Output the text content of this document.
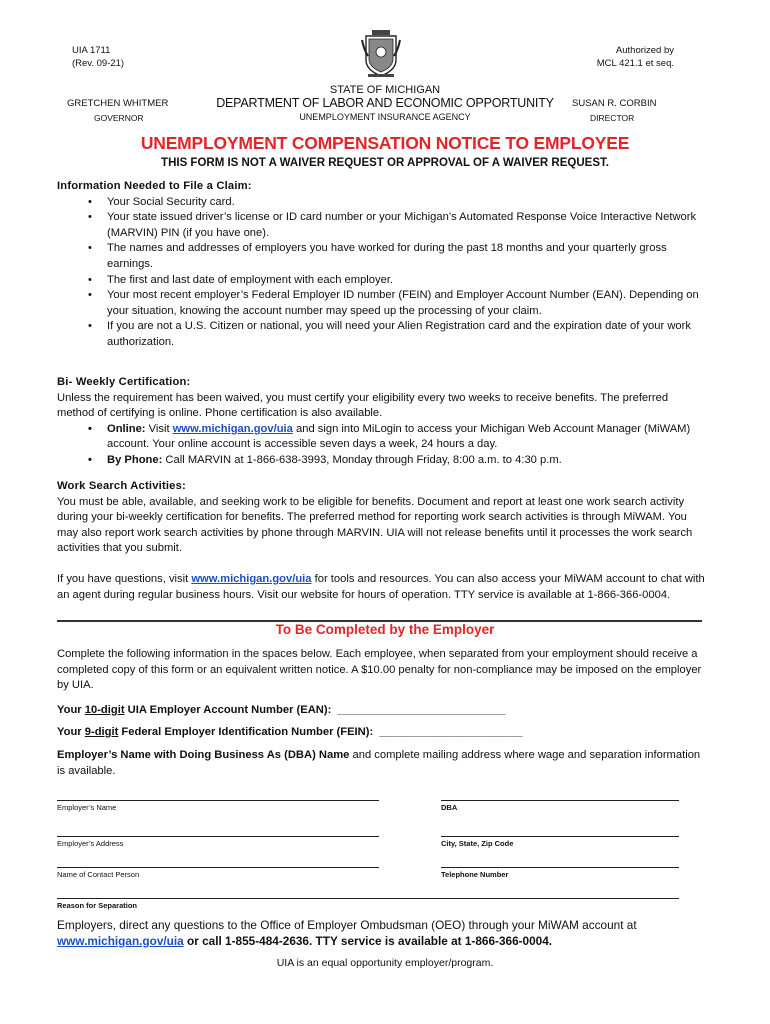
UIA 1711
(Rev. 09-21)
Authorized by
MCL 421.1 et seq.
STATE OF MICHIGAN
DEPARTMENT OF LABOR AND ECONOMIC OPPORTUNITY
UNEMPLOYMENT INSURANCE AGENCY
GRETCHEN WHITMER
GOVERNOR
SUSAN R. CORBIN
DIRECTOR
UNEMPLOYMENT COMPENSATION NOTICE TO EMPLOYEE
THIS FORM IS NOT A WAIVER REQUEST OR APPROVAL OF A WAIVER REQUEST.
Information Needed to File a Claim:
• Your Social Security card.
• Your state issued driver’s license or ID card number or your Michigan’s Automated Response Voice Interactive Network (MARVIN) PIN (if you have one).
• The names and addresses of employers you have worked for during the past 18 months and your quarterly gross earnings.
• The first and last date of employment with each employer.
• Your most recent employer’s Federal Employer ID number (FEIN) and Employer Account Number (EAN). Depending on your situation, knowing the account number may speed up the processing of your claim.
• If you are not a U.S. Citizen or national, you will need your Alien Registration card and the expiration date of your work authorization.
Bi- Weekly Certification:
Unless the requirement has been waived, you must certify your eligibility every two weeks to receive benefits. The preferred method of certifying is online. Phone certification is also available.
• Online: Visit www.michigan.gov/uia and sign into MiLogin to access your Michigan Web Account Manager (MiWAM) account. Your online account is accessible seven days a week, 24 hours a day.
• By Phone: Call MARVIN at 1-866-638-3993, Monday through Friday, 8:00 a.m. to 4:30 p.m.
Work Search Activities:
You must be able, available, and seeking work to be eligible for benefits. Document and report at least one work search activity during your bi-weekly certification for benefits. The preferred method for reporting work search activities is through MiWAM. You may also report work search activities by phone through MARVIN. UIA will not release benefits until it processes the work search activities that you submit.
If you have questions, visit www.michigan.gov/uia for tools and resources. You can also access your MiWAM account to chat with an agent during regular business hours. Visit our website for hours of operation. TTY service is available at 1-866-366-0004.
To Be Completed by the Employer
Complete the following information in the spaces below. Each employee, when separated from your employment should receive a completed copy of this form or an equivalent written notice. A $10.00 penalty for non-compliance may be imposed on the employer by UIA.
Your 10-digit UIA Employer Account Number (EAN): ___________________________
Your 9-digit Federal Employer Identification Number (FEIN): _______________________
Employer’s Name with Doing Business As (DBA) Name and complete mailing address where wage and separation information is available.
Employer’s Name	DBA
Employer’s Address	City, State, Zip Code
Name of Contact Person	Telephone Number
Reason for Separation
Employers, direct any questions to the Office of Employer Ombudsman (OEO) through your MiWAM account at www.michigan.gov/uia or call 1-855-484-2636. TTY service is available at 1-866-366-0004.
UIA is an equal opportunity employer/program.
